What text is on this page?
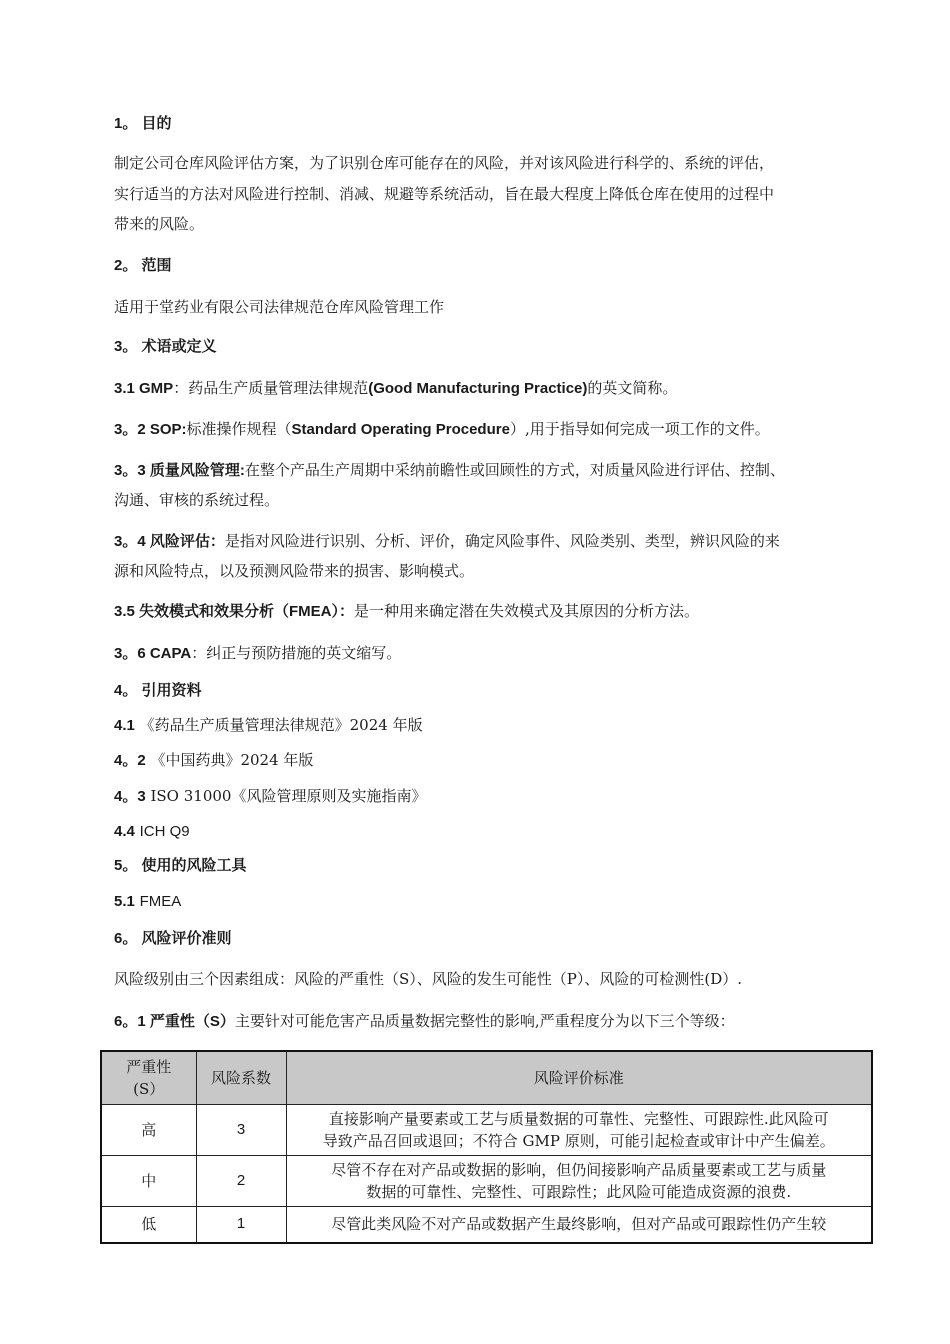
1。 目的
制定公司仓库风险评估方案，为了识别仓库可能存在的风险，并对该风险进行科学的、系统的评估，
实行适当的方法对风险进行控制、消减、规避等系统活动，旨在最大程度上降低仓库在使用的过程中
带来的风险。
2。 范围
适用于堂药业有限公司法律规范仓库风险管理工作
3。 术语或定义
3.1 GMP：药品生产质量管理法律规范(Good Manufacturing Practice)的英文简称。
3。2 SOP:标准操作规程（Standard Operating Procedure）,用于指导如何完成一项工作的文件。
3。3 质量风险管理:在整个产品生产周期中采纳前瞻性或回顾性的方式，对质量风险进行评估、控制、
沟通、审核的系统过程。
3。4 风险评估：是指对风险进行识别、分析、评价，确定风险事件、风险类别、类型，辨识风险的来
源和风险特点，以及预测风险带来的损害、影响模式。
3.5 失效模式和效果分析（FMEA）：是一种用来确定潜在失效模式及其原因的分析方法。
3。6 CAPA：纠正与预防措施的英文缩写。
4。 引用资料
4.1 《药品生产质量管理法律规范》2024 年版
4。2 《中国药典》2024 年版
4。3 ISO 31000《风险管理原则及实施指南》
4.4 ICH Q9
5。 使用的风险工具
5.1 FMEA
6。 风险评价准则
风险级别由三个因素组成：风险的严重性（S）、风险的发生可能性（P）、风险的可检测性(D）.
6。1 严重性（S）主要针对可能危害产品质量数据完整性的影响,严重程度分为以下三个等级：
严重性
(S）	风险系数	风险评价标准
高	3	直接影响产量要素或工艺与质量数据的可靠性、完整性、可跟踪性.此风险可
导致产品召回或退回；不符合 GMP 原则，可能引起检查或审计中产生偏差。

中	2	尽管不存在对产品或数据的影响，但仍间接影响产品质量要素或工艺与质量
数据的可靠性、完整性、可跟踪性；此风险可能造成资源的浪费.

低	1	尽管此类风险不对产品或数据产生最终影响，但对产品或可跟踪性仍产生较
